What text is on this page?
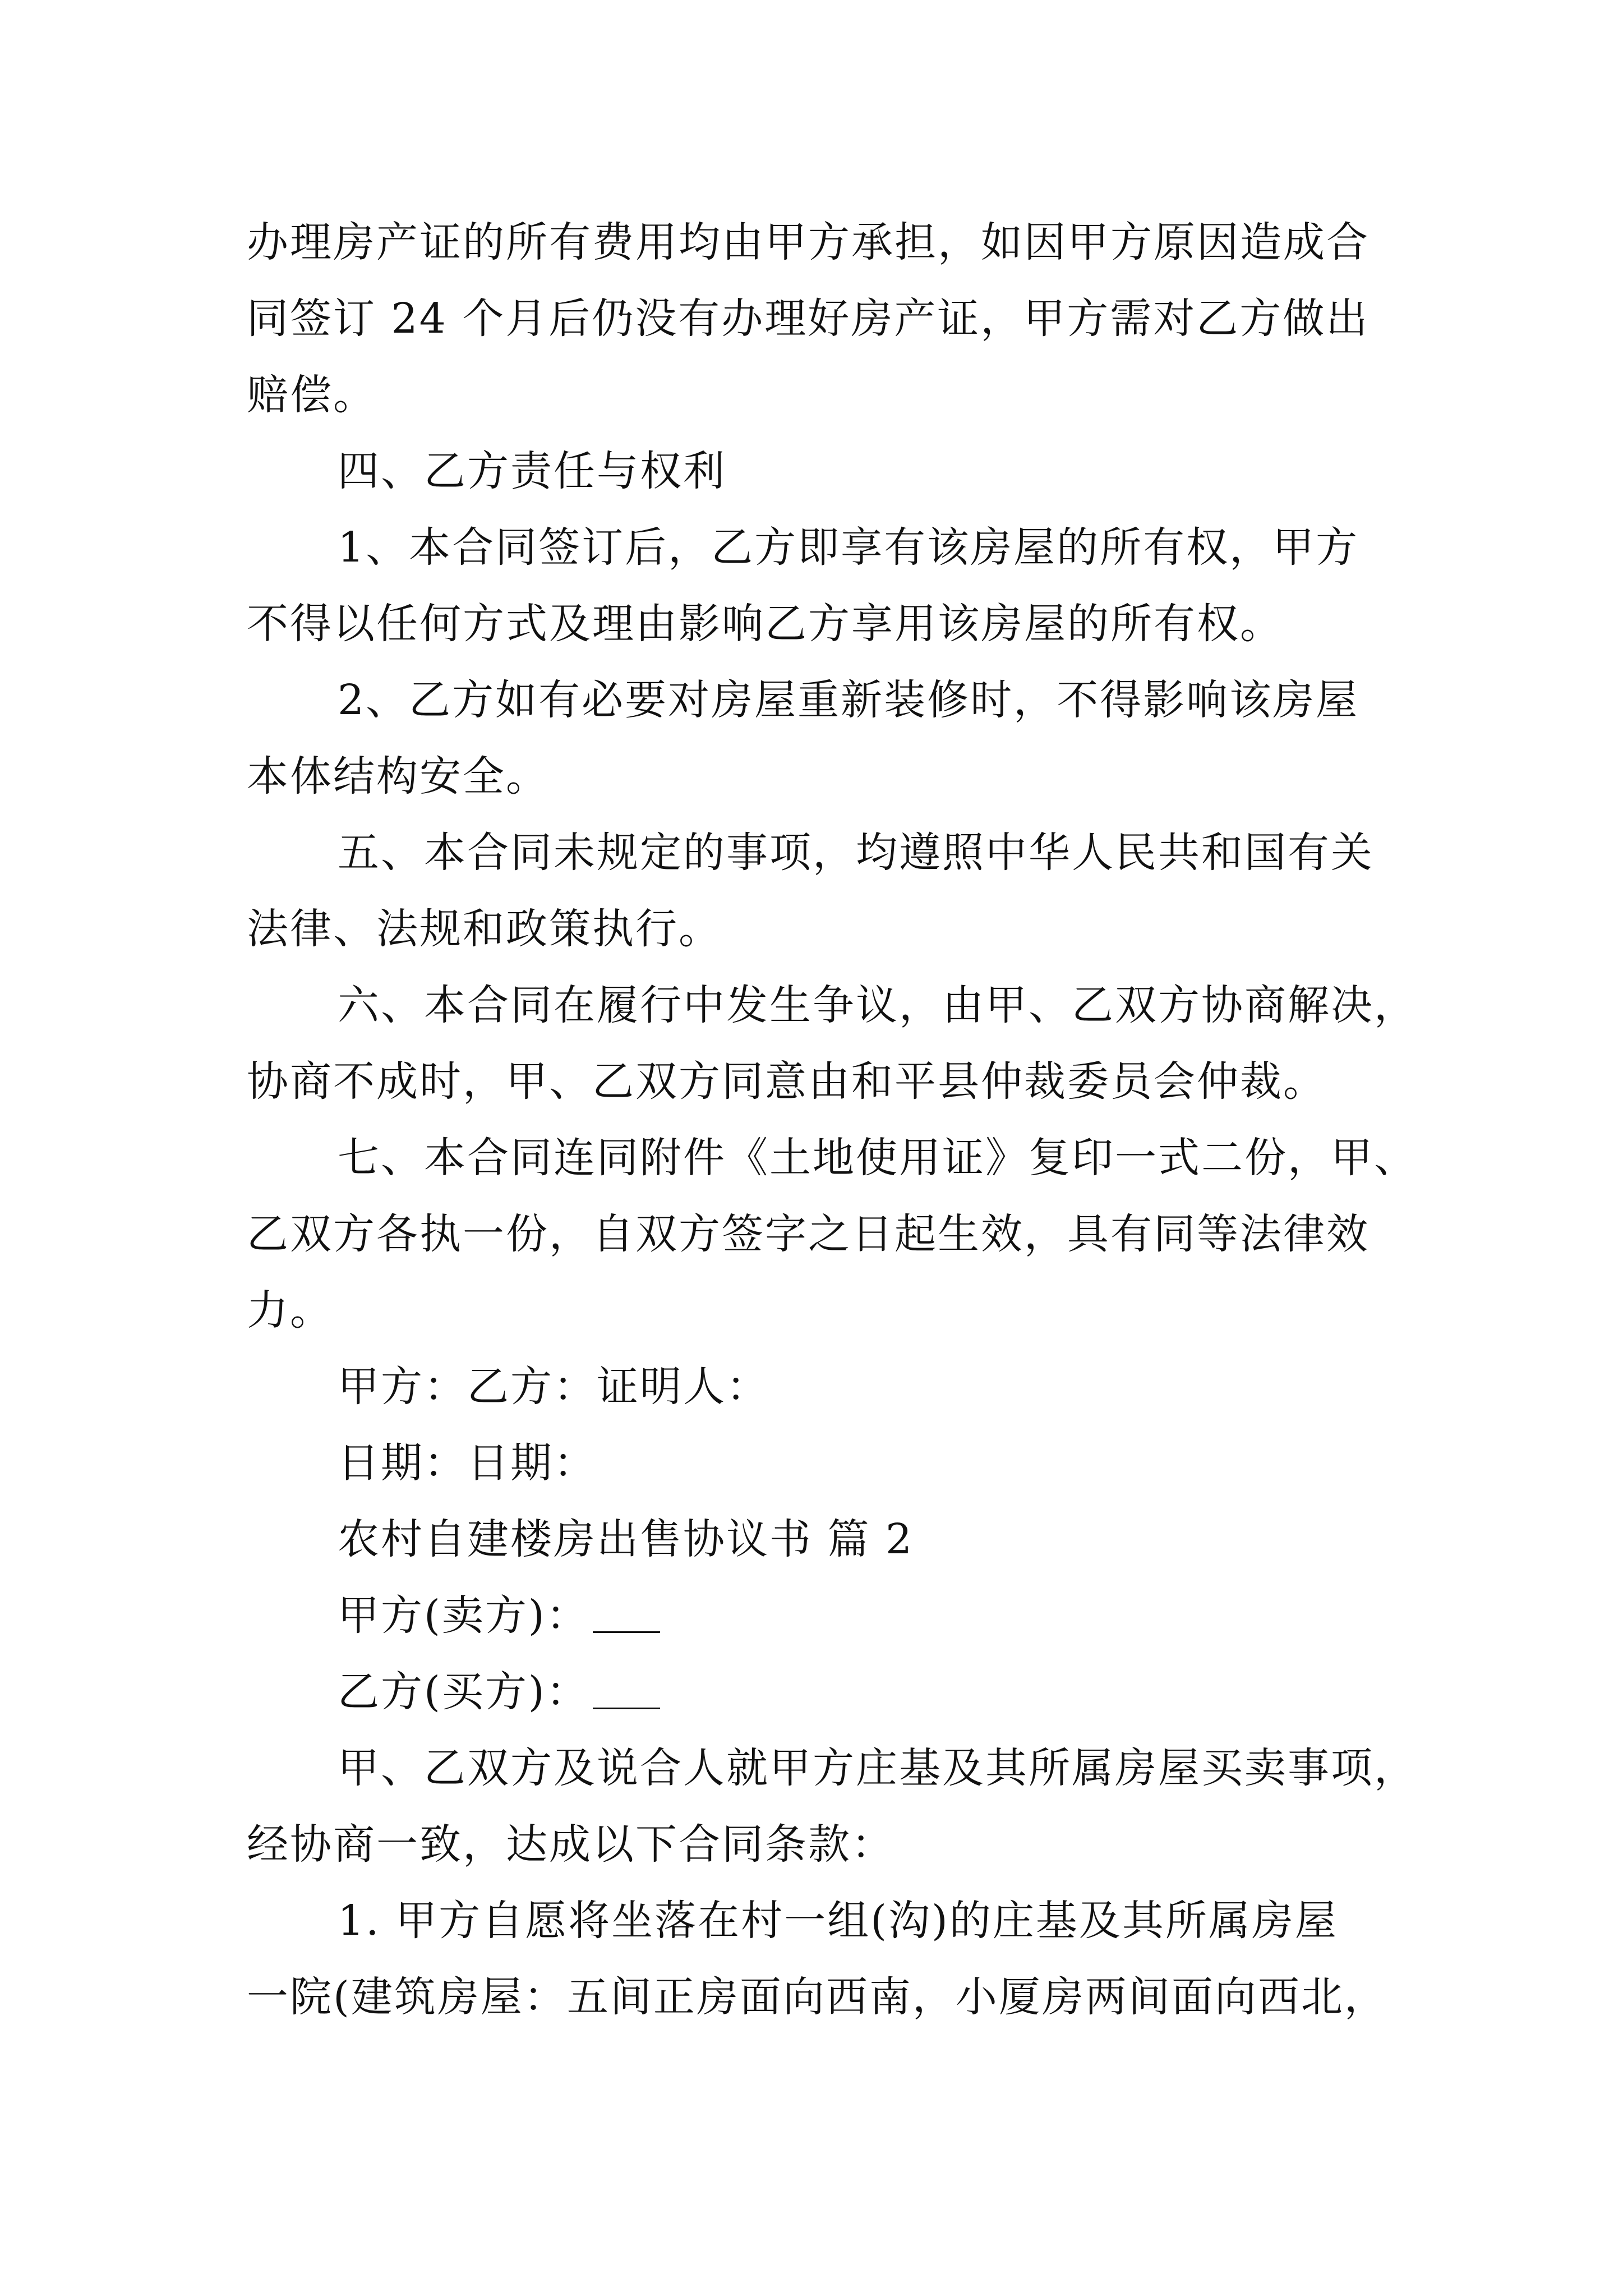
办理房产证的所有费用均由甲方承担，如因甲方原因造成合
同签订 24 个月后仍没有办理好房产证，甲方需对乙方做出
赔偿。
四、乙方责任与权利
1、本合同签订后，乙方即享有该房屋的所有权，甲方
不得以任何方式及理由影响乙方享用该房屋的所有权。
2、乙方如有必要对房屋重新装修时，不得影响该房屋
本体结构安全。
五、本合同未规定的事项，均遵照中华人民共和国有关
法律、法规和政策执行。
六、本合同在履行中发生争议，由甲、乙双方协商解决，
协商不成时，甲、乙双方同意由和平县仲裁委员会仲裁。
七、本合同连同附件《土地使用证》复印一式二份，甲、
乙双方各执一份，自双方签字之日起生效，具有同等法律效
力。
甲方：乙方：证明人：
日期：日期：
农村自建楼房出售协议书 篇 2
甲方(卖方)：
乙方(买方)：
甲、乙双方及说合人就甲方庄基及其所属房屋买卖事项，
经协商一致，达成以下合同条款：
1. 甲方自愿将坐落在村一组(沟)的庄基及其所属房屋
一院(建筑房屋：五间正房面向西南，小厦房两间面向西北，
